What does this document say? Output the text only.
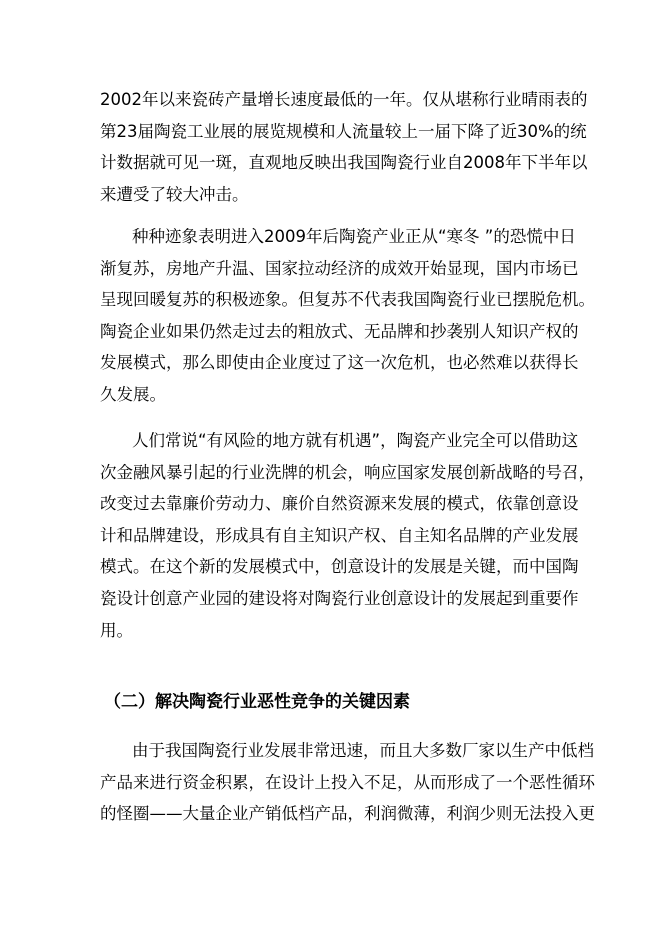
2002年以来瓷砖产量增长速度最低的一年。仅从堪称行业晴雨表的
第23届陶瓷工业展的展览规模和人流量较上一届下降了近30%的统
计数据就可见一斑，直观地反映出我国陶瓷行业自2008年下半年以
来遭受了较大冲击。
种种迹象表明进入2009年后陶瓷产业正从“寒冬 ”的恐慌中日
渐复苏，房地产升温、国家拉动经济的成效开始显现，国内市场已
呈现回暖复苏的积极迹象。但复苏不代表我国陶瓷行业已摆脱危机。
陶瓷企业如果仍然走过去的粗放式、无品牌和抄袭别人知识产权的
发展模式，那么即使由企业度过了这一次危机，也必然难以获得长
久发展。
人们常说“有风险的地方就有机遇”，陶瓷产业完全可以借助这
次金融风暴引起的行业洗牌的机会，响应国家发展创新战略的号召，
改变过去靠廉价劳动力、廉价自然资源来发展的模式，依靠创意设
计和品牌建设，形成具有自主知识产权、自主知名品牌的产业发展
模式。在这个新的发展模式中，创意设计的发展是关键，而中国陶
瓷设计创意产业园的建设将对陶瓷行业创意设计的发展起到重要作
用。
（二）解决陶瓷行业恶性竞争的关键因素
由于我国陶瓷行业发展非常迅速，而且大多数厂家以生产中低档
产品来进行资金积累，在设计上投入不足，从而形成了一个恶性循环
的怪圈——大量企业产销低档产品，利润微薄，利润少则无法投入更
